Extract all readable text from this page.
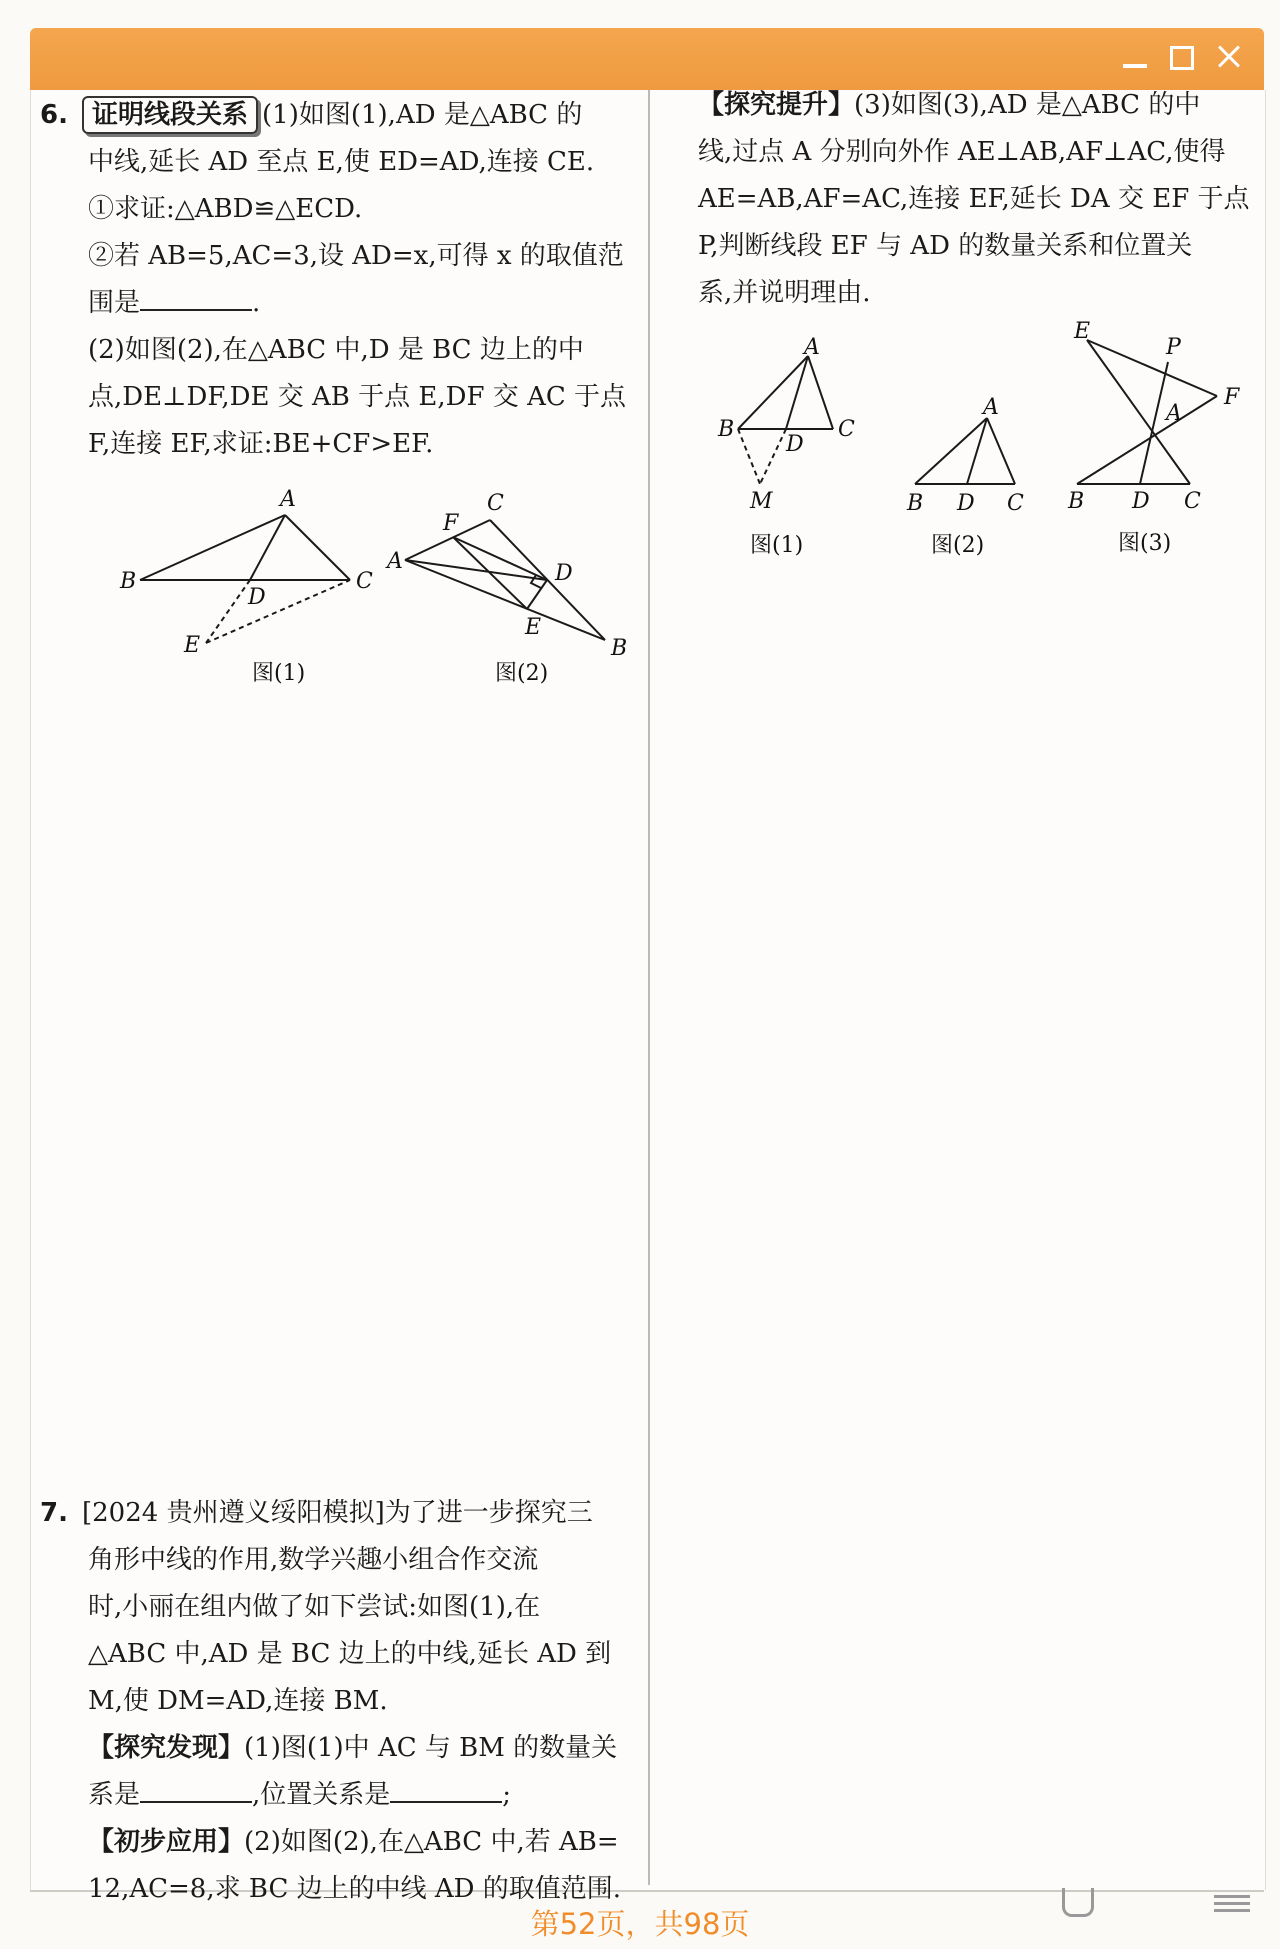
6. 证明线段关系 (1)如图(1),AD 是△ABC 的

中线,延长 AD 至点 E,使 ED=AD,连接 CE.

①求证:△ABD≌△ECD.

②若 AB=5,AC=3,设 AD=x,可得 x 的取值范

围是	.

(2)如图(2),在△ABC 中,D 是 BC 边上的中

点,DE⊥DF,DE 交 AB 于点 E,DF 交 AC 于点

F,连接 EF,求证:BE+CF>EF.

A
B	C
D
E
图(1)
A
B
C
D
E
F
图(2)

【探究提升】(3)如图(3),AD 是△ABC 的中

线,过点 A 分别向外作 AE⊥AB,AF⊥AC,使得

AE=AB,AF=AC,连接 EF,延长 DA 交 EF 于点

P,判断线段 EF 与 AD 的数量关系和位置关

系,并说明理由.

A
B	C
D
M
图(1)
A
B D C
图(2)
E
P
F
A
B D C
图(3)

7. [2024 贵州遵义绥阳模拟]为了进一步探究三

角形中线的作用,数学兴趣小组合作交流

时,小丽在组内做了如下尝试:如图(1),在

△ABC 中,AD 是 BC 边上的中线,延长 AD 到

M,使 DM=AD,连接 BM.

【探究发现】(1)图(1)中 AC 与 BM 的数量关

系是	,位置关系是	;

【初步应用】(2)如图(2),在△ABC 中,若 AB=

12,AC=8,求 BC 边上的中线 AD 的取值范围.

第52页，共98页
